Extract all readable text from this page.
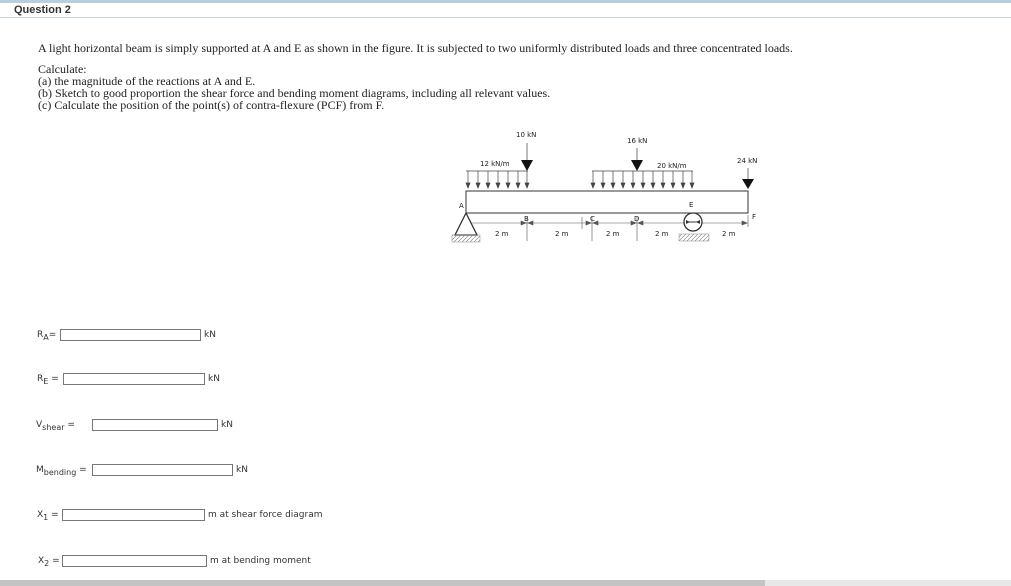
Question 2
A light horizontal beam is simply supported at A and E as shown in the figure. It is subjected to two uniformly distributed loads and three concentrated loads.
Calculate:
(a) the magnitude of the reactions at A and E.
(b) Sketch to good proportion the shear force and bending moment diagrams, including all relevant values.
(c) Calculate the position of the point(s) of contra-flexure (PCF) from F.
10 kN
16 kN
24 kN
12 kN/m	20 kN/m
A
B	C	D
E
F
2 m	2 m	2 m	2 m	2 m
$R_A=$	kN
$R_E$ =	kN
$V_{shear}$ =	kN
$M_{bending}$ =	kN
$X_1$ =	m at shear force diagram
$X_2$ =	m at bending moment
